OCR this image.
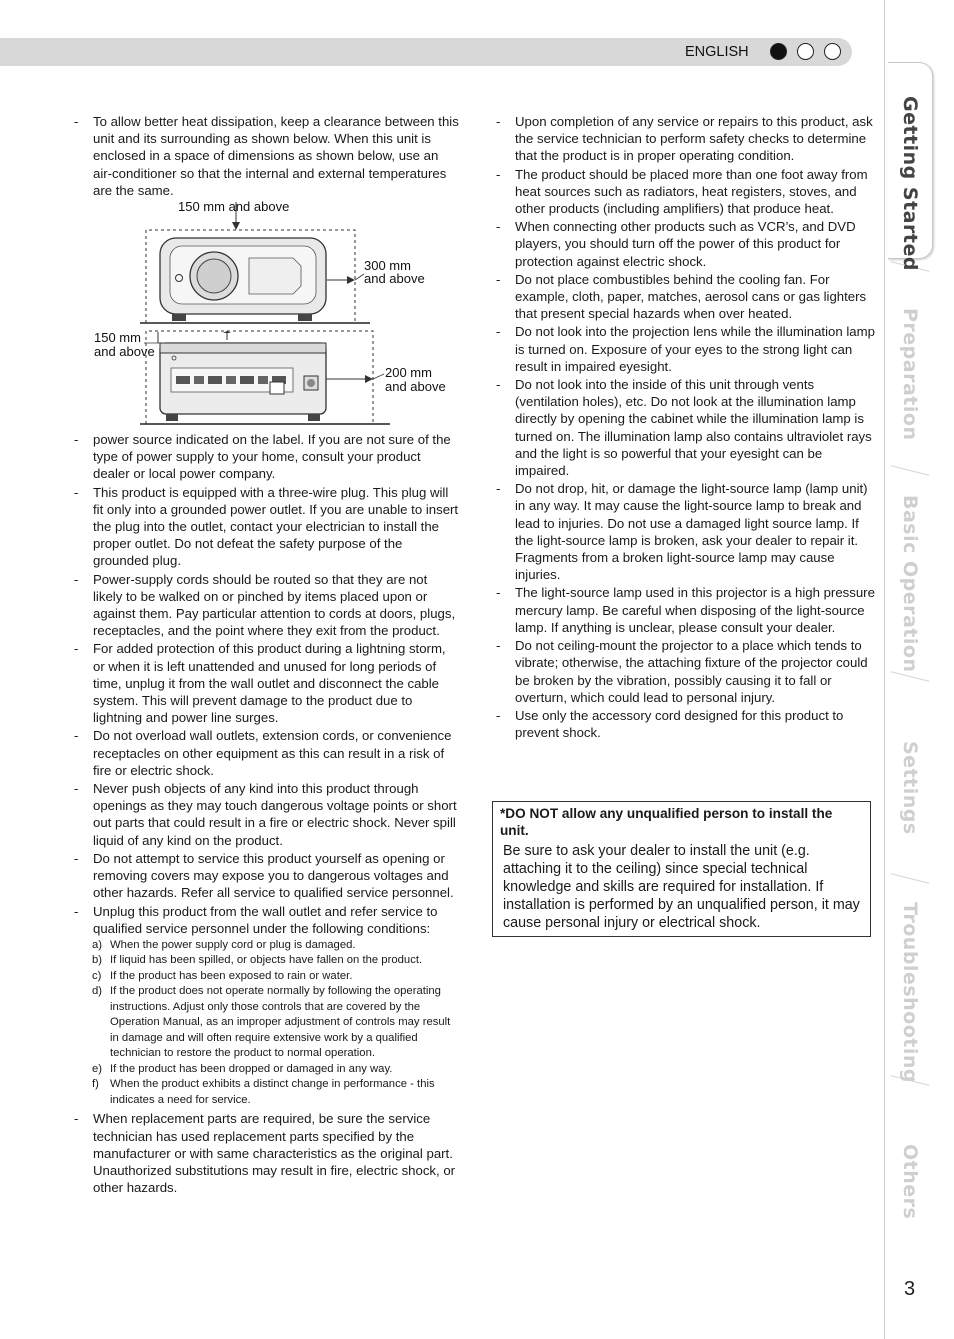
ENGLISH
Getting Started
Preparation
Basic Operation
Settings
Troubleshooting
Others
3
-	To allow better heat dissipation, keep a clearance between this unit and its surrounding as shown below. When this unit is enclosed in a space of dimensions as shown below, use an air-conditioner so that the internal and external temperatures are the same.
150 mm and above
300 mm
and above
150 mm
and above
200 mm
and above
-	power source indicated on the label. If you are not sure of the type of power supply to your home, consult your product dealer or local power company.
-	This product is equipped with a three-wire plug. This plug will fit only into a grounded power outlet. If you are unable to insert the plug into the outlet, contact your electrician to install the proper outlet. Do not defeat the safety purpose of the grounded plug.
-	Power-supply cords should be routed so that they are not likely to be walked on or pinched by items placed upon or against them. Pay particular attention to cords at doors, plugs, receptacles, and the point where they exit from the product.
-	For added protection of this product during a lightning storm, or when it is left unattended and unused for long periods of time, unplug it from the wall outlet and disconnect the cable system. This will prevent damage to the product due to lightning and power line surges.
-	Do not overload wall outlets, extension cords, or convenience receptacles on other equipment as this can result in a risk of fire or electric shock.
-	Never push objects of any kind into this product through openings as they may touch dangerous voltage points or short out parts that could result in a fire or electric shock. Never spill liquid of any kind on the product.
-	Do not attempt to service this product yourself as opening or removing covers may expose you to dangerous voltages and other hazards. Refer all service to qualified service personnel.
-	Unplug this product from the wall outlet and refer service to qualified service personnel under the following conditions:
a) When the power supply cord or plug is damaged.
b) If liquid has been spilled, or objects have fallen on the product.
c) If the product has been exposed to rain or water.
d) If the product does not operate normally by following the operating instructions. Adjust only those controls that are covered by the Operation Manual, as an improper adjustment of controls may result in damage and will often require extensive work by a qualified technician to restore the product to normal operation.
e) If the product has been dropped or damaged in any way.
f) When the product exhibits a distinct change in performance - this indicates a need for service.
-	When replacement parts are required, be sure the service technician has used replacement parts specified by the manufacturer or with same characteristics as the original part. Unauthorized substitutions may result in fire, electric shock, or other hazards.
-	Upon completion of any service or repairs to this product, ask the service technician to perform safety checks to determine that the product is in proper operating condition.
-	The product should be placed more than one foot away from heat sources such as radiators, heat registers, stoves, and other products (including amplifiers) that produce heat.
-	When connecting other products such as VCR’s, and DVD players, you should turn off the power of this product for protection against electric shock.
-	Do not place combustibles behind the cooling fan. For example, cloth, paper, matches, aerosol cans or gas lighters that present special hazards when over heated.
-	Do not look into the projection lens while the illumination lamp is turned on. Exposure of your eyes to the strong light can result in impaired eyesight.
-	Do not look into the inside of this unit through vents (ventilation holes), etc. Do not look at the illumination lamp directly by opening the cabinet while the illumination lamp is turned on. The illumination lamp also contains ultraviolet rays and the light is so powerful that your eyesight can be impaired.
-	Do not drop, hit, or damage the light-source lamp (lamp unit) in any way. It may cause the light-source lamp to break and lead to injuries. Do not use a damaged light source lamp. If the light-source lamp is broken, ask your dealer to repair it. Fragments from a broken light-source lamp may cause injuries.
-	The light-source lamp used in this projector is a high pressure mercury lamp. Be careful when disposing of the light-source lamp. If anything is unclear, please consult your dealer.
-	Do not ceiling-mount the projector to a place which tends to vibrate; otherwise, the attaching fixture of the projector could be broken by the vibration, possibly causing it to fall or overturn, which could lead to personal injury.
-	Use only the accessory cord designed for this product to prevent shock.
*DO NOT allow any unqualified person to install the unit.
Be sure to ask your dealer to install the unit (e.g. attaching it to the ceiling) since special technical knowledge and skills are required for installation. If installation is performed by an unqualified person, it may cause personal injury or electrical shock.
